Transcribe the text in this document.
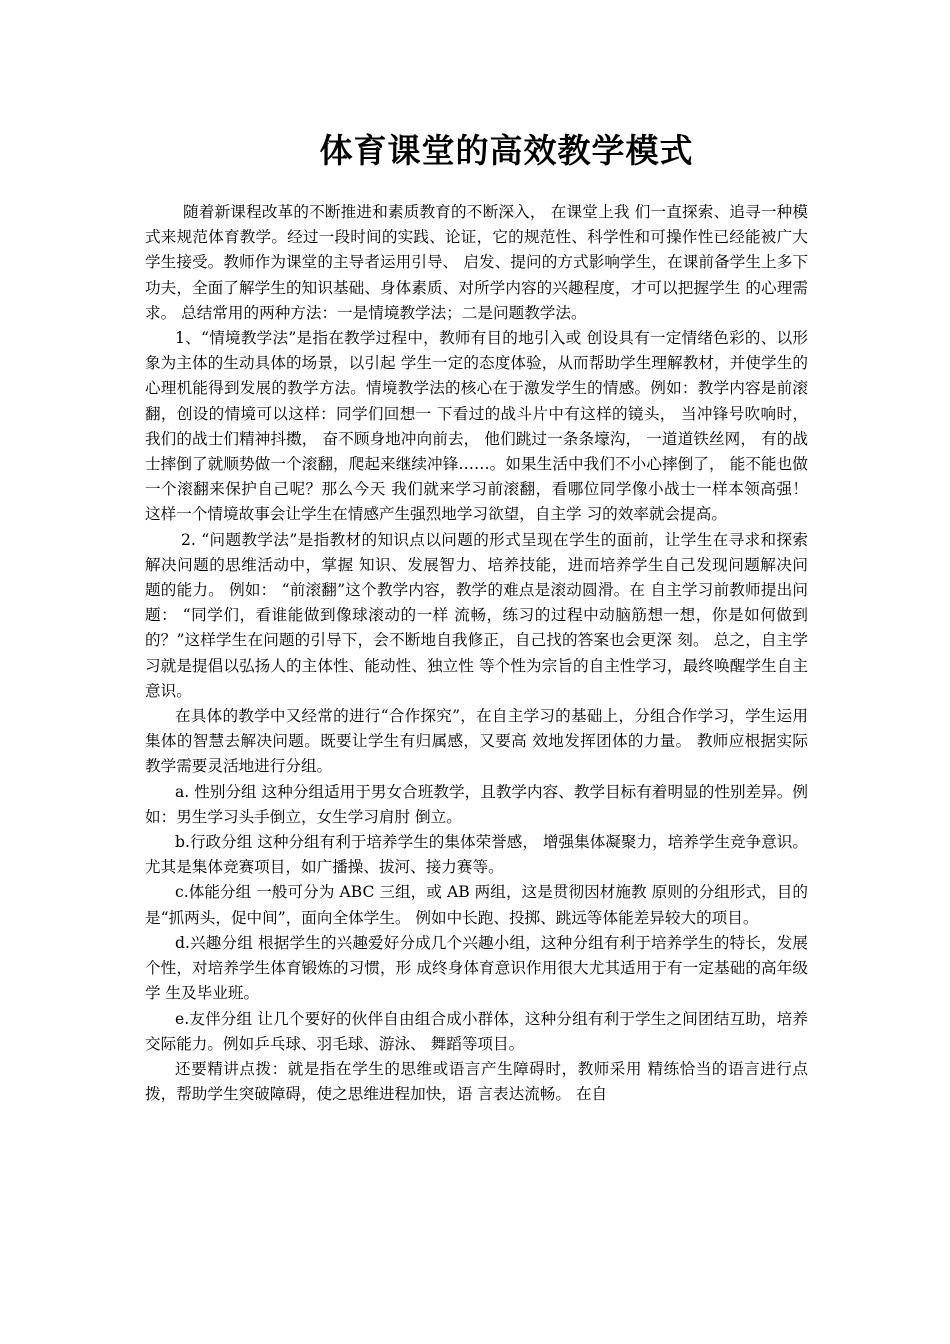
体育课堂的高效教学模式

随着新课程改革的不断推进和素质教育的不断深入， 在课堂上我 们一直探索、追寻一种模式来规范体育教学。经过一段时间的实践、论证，它的规范性、科学性和可操作性已经能被广大学生接受。教师作为课堂的主导者运用引导、 启发、提问的方式影响学生，在课前备学生上多下功夫，全面了解学生的知识基础、身体素质、对所学内容的兴趣程度，才可以把握学生 的心理需求。 总结常用的两种方法：一是情境教学法；二是问题教学法。

1、“情境教学法”是指在教学过程中，教师有目的地引入或 创设具有一定情绪色彩的、以形象为主体的生动具体的场景，以引起 学生一定的态度体验，从而帮助学生理解教材，并使学生的心理机能得到发展的教学方法。情境教学法的核心在于激发学生的情感。例如：教学内容是前滚翻，创设的情境可以这样：同学们回想一 下看过的战斗片中有这样的镜头， 当冲锋号吹响时， 我们的战士们精神抖擞， 奋不顾身地冲向前去， 他们跳过一条条壕沟， 一道道铁丝网， 有的战士摔倒了就顺势做一个滚翻，爬起来继续冲锋……。如果生活中我们不小心摔倒了， 能不能也做一个滚翻来保护自己呢？那么今天 我们就来学习前滚翻，看哪位同学像小战士一样本领高强！ 这样一个情境故事会让学生在情感产生强烈地学习欲望，自主学 习的效率就会提高。

2. “问题教学法”是指教材的知识点以问题的形式呈现在学生的面前，让学生在寻求和探索解决问题的思维活动中，掌握 知识、发展智力、培养技能，进而培养学生自己发现问题解决问 题的能力。 例如： “前滚翻”这个教学内容，教学的难点是滚动圆滑。在 自主学习前教师提出问题： “同学们，看谁能做到像球滚动的一样 流畅，练习的过程中动脑筋想一想，你是如何做到的？”这样学生在问题的引导下，会不断地自我修正，自己找的答案也会更深 刻。 总之，自主学习就是提倡以弘扬人的主体性、能动性、独立性 等个性为宗旨的自主性学习，最终唤醒学生自主意识。

在具体的教学中又经常的进行“合作探究”，在自主学习的基础上，分组合作学习，学生运用集体的智慧去解决问题。既要让学生有归属感，又要高 效地发挥团体的力量。 教师应根据实际教学需要灵活地进行分组。

a. 性别分组 这种分组适用于男女合班教学，且教学内容、教学目标有着明显的性别差异。例如：男生学习头手倒立，女生学习肩肘 倒立。

b.行政分组 这种分组有利于培养学生的集体荣誉感， 增强集体凝聚力，培养学生竞争意识。尤其是集体竞赛项目，如广播操、拔河、接力赛等。

c.体能分组 一般可分为 ABC 三组，或 AB 两组，这是贯彻因材施教 原则的分组形式，目的是“抓两头，促中间”，面向全体学生。 例如中长跑、投掷、跳远等体能差异较大的项目。

d.兴趣分组 根据学生的兴趣爱好分成几个兴趣小组，这种分组有利于培养学生的特长，发展个性，对培养学生体育锻炼的习惯，形 成终身体育意识作用很大尤其适用于有一定基础的高年级学 生及毕业班。

e.友伴分组 让几个要好的伙伴自由组合成小群体，这种分组有利于学生之间团结互助，培养交际能力。例如乒乓球、羽毛球、游泳、 舞蹈等项目。

还要精讲点拨：就是指在学生的思维或语言产生障碍时，教师采用 精练恰当的语言进行点拨，帮助学生突破障碍，使之思维进程加快，语 言表达流畅。 在自
